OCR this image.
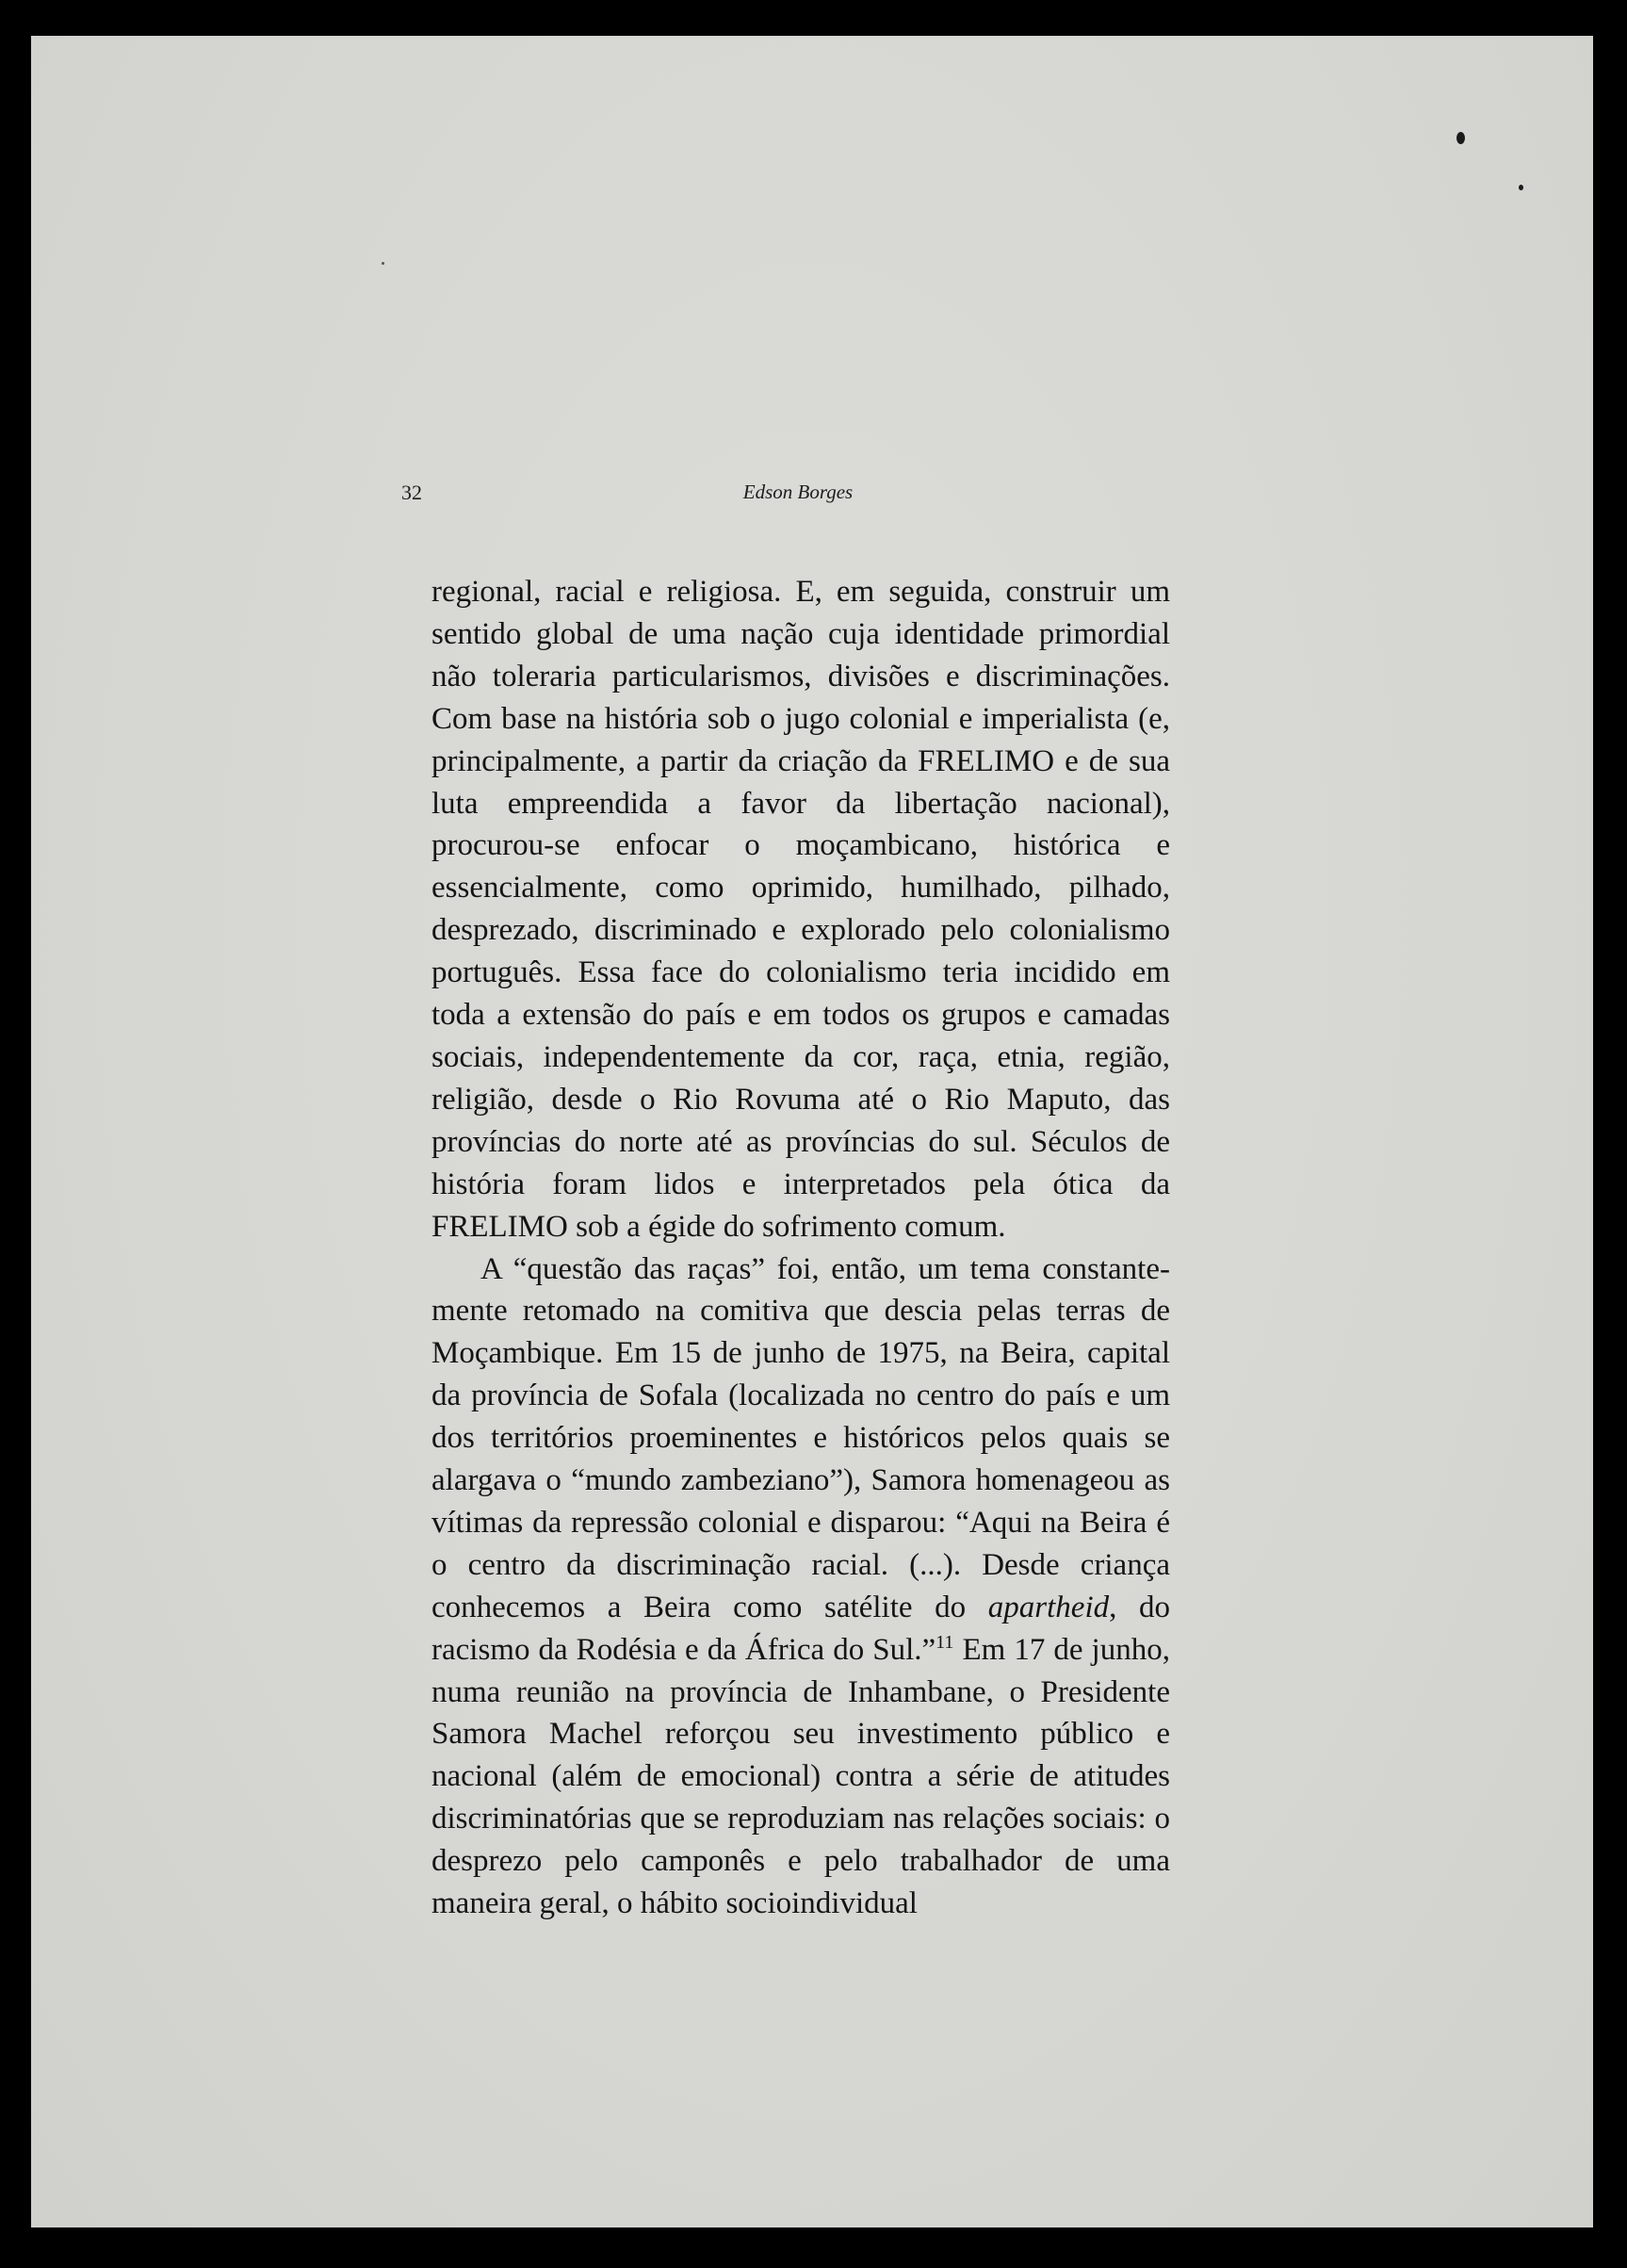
32	Edson Borges

regional, racial e religiosa. E, em seguida, construir um sentido global de uma nação cuja identidade primordial não toleraria particularismos, divisões e discriminações. Com base na história sob o jugo colonial e imperialista (e, principalmente, a partir da criação da FRELIMO e de sua luta empreendida a favor da libertação nacional), procurou-se enfocar o moçambicano, histórica e essencialmente, como oprimido, humilhado, pilhado, desprezado, discriminado e explorado pelo colonialismo português. Essa face do colonialismo teria incidido em toda a extensão do país e em todos os grupos e camadas sociais, independentemente da cor, raça, etnia, região, religião, desde o Rio Rovuma até o Rio Maputo, das províncias do norte até as províncias do sul. Séculos de história foram lidos e interpretados pela ótica da FRELIMO sob a égide do sofrimento comum.

A “questão das raças” foi, então, um tema constantemente retomado na comitiva que descia pelas terras de Moçambique. Em 15 de junho de 1975, na Beira, capital da província de Sofala (localizada no centro do país e um dos territórios proeminentes e históricos pelos quais se alargava o “mundo zambeziano”), Samora homenageou as vítimas da repressão colonial e disparou: “Aqui na Beira é o centro da discriminação racial. (...). Desde criança conhecemos a Beira como satélite do apartheid, do racismo da Rodésia e da África do Sul.”$^{11}$ Em 17 de junho, numa reunião na província de Inhambane, o Presidente Samora Machel reforçou seu investimento público e nacional (além de emocional) contra a série de atitudes discriminatórias que se reproduziam nas relações sociais: o desprezo pelo camponês e pelo trabalhador de uma maneira geral, o hábito socioindividual
